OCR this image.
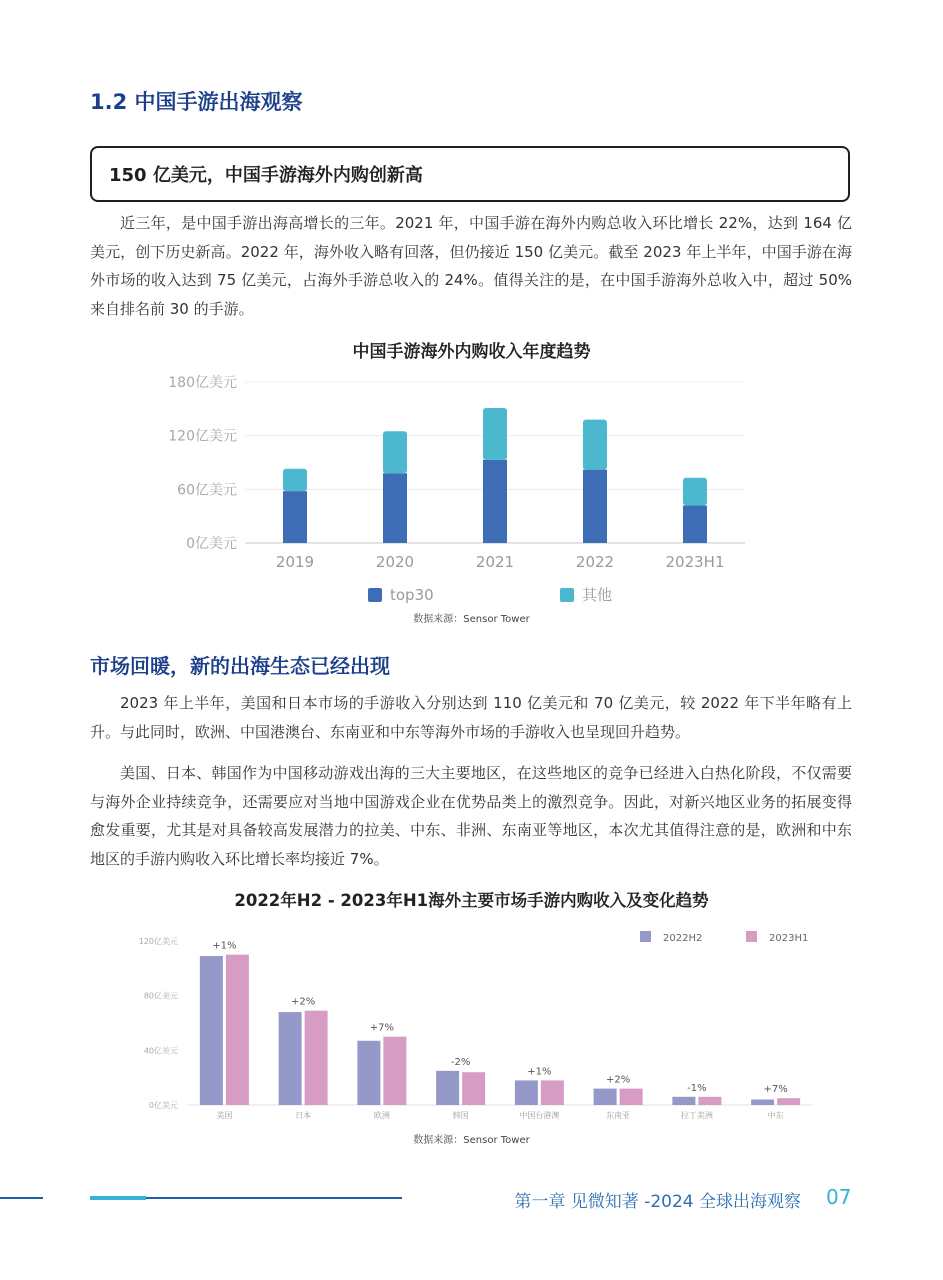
1.2 中国手游出海观察
150 亿美元，中国手游海外内购创新高

近三年，是中国手游出海高增长的三年。2021 年，中国手游在海外内购总收入环比增长 22%，达到 164 亿美元，创下历史新高。2022 年，海外收入略有回落，但仍接近 150 亿美元。截至 2023 年上半年，中国手游在海外市场的收入达到 75 亿美元，占海外手游总收入的 24%。值得关注的是，在中国手游海外总收入中，超过 50% 来自排名前 30 的手游。

中国手游海外内购收入年度趋势
0亿美元
60亿美元
120亿美元
180亿美元
2019	2020	2021	2022	2023H1
top30	其他
数据来源：Sensor Tower
市场回暖，新的出海生态已经出现

2023 年上半年，美国和日本市场的手游收入分别达到 110 亿美元和 70 亿美元，较 2022 年下半年略有上升。与此同时，欧洲、中国港澳台、东南亚和中东等海外市场的手游收入也呈现回升趋势。

美国、日本、韩国作为中国移动游戏出海的三大主要地区，在这些地区的竞争已经进入白热化阶段，不仅需要与海外企业持续竞争，还需要应对当地中国游戏企业在优势品类上的激烈竞争。因此，对新兴地区业务的拓展变得愈发重要，尤其是对具备较高发展潜力的拉美、中东、非洲、东南亚等地区，本次尤其值得注意的是，欧洲和中东地区的手游内购收入环比增长率均接近 7%。

2022年H2 - 2023年H1海外主要市场手游内购收入及变化趋势
0亿美元
40亿美元
80亿美元
120亿美元	+1%
美国
+2%
日本
+7%
欧洲
-2%
韩国
+1%
中国台港澳
+2%
东南亚
-1%
拉丁美洲
+7%
中东
2022H2	2023H1
数据来源：Sensor Tower
第一章 见微知著 -2024 全球出海观察 07
